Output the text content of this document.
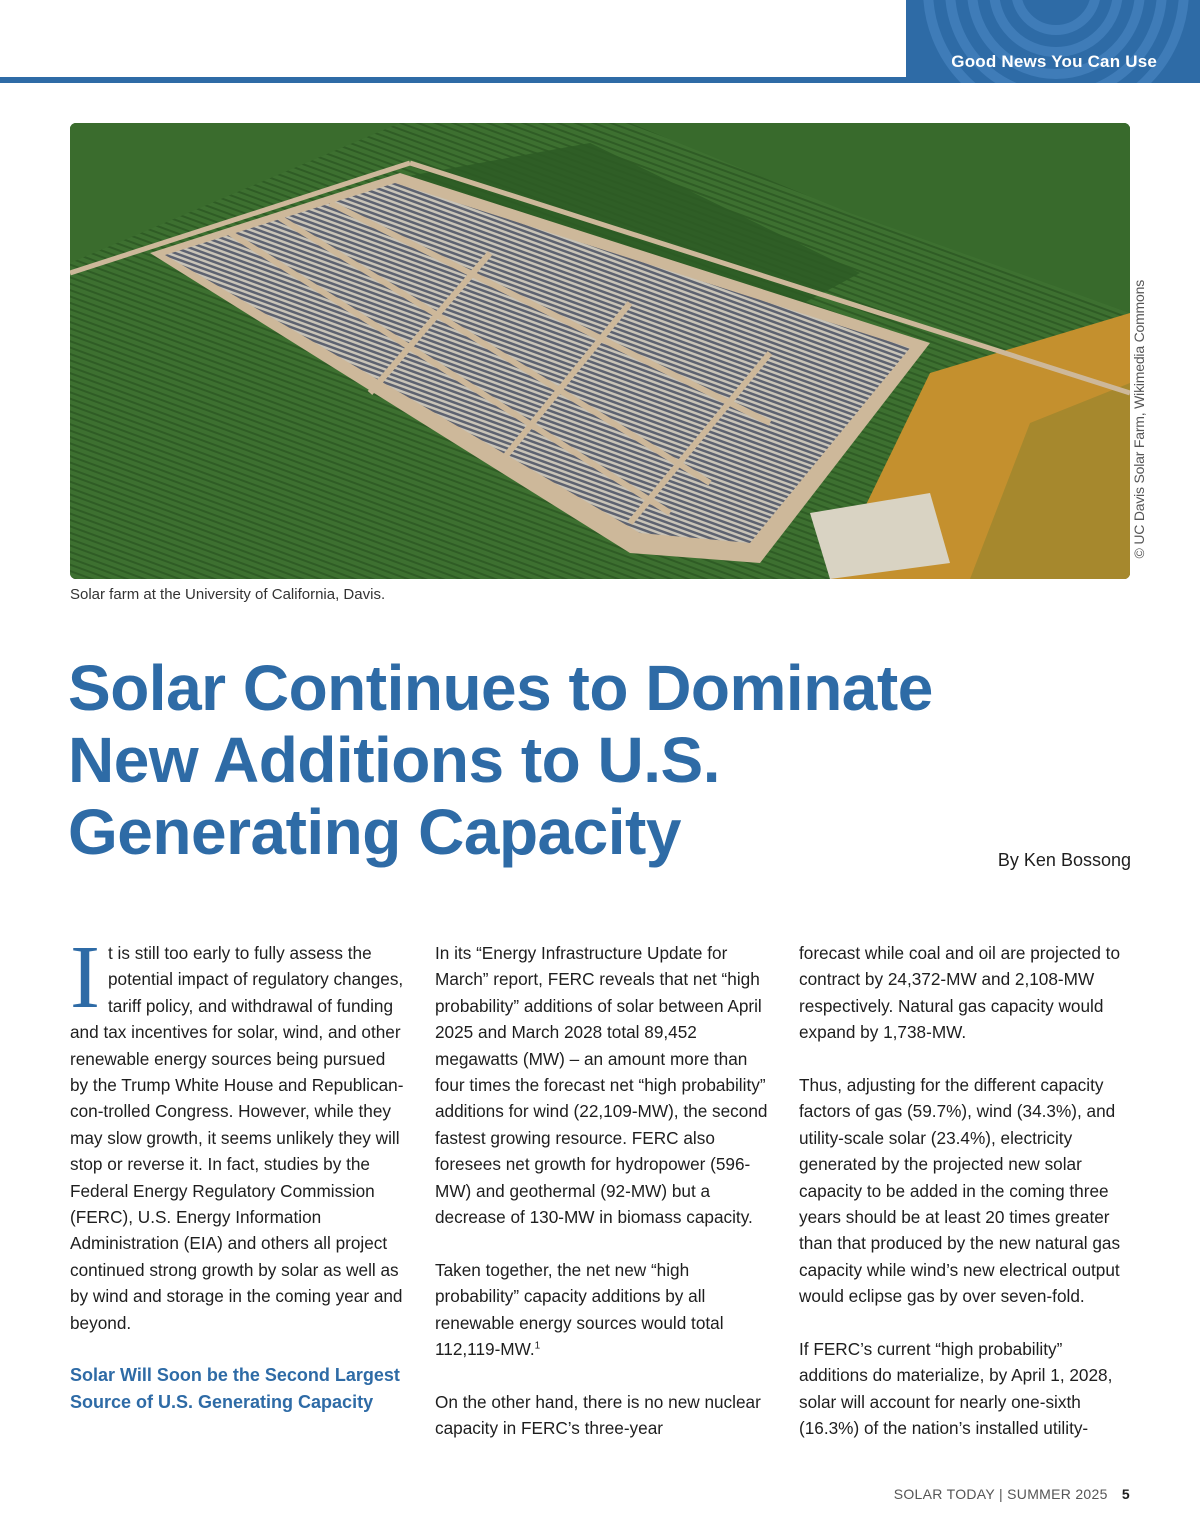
Good News You Can Use
© UC Davis Solar Farm, Wikimedia Commons
Solar farm at the University of California, Davis.
Solar Continues to Dominate
New Additions to U.S.
Generating Capacity	By Ken Bossong

It is still too early to fully assess the potential impact of regulatory changes, tariff policy, and withdrawal of funding and tax incentives for solar, wind, and other renewable energy sources being pursued by the Trump White House and Republican-con-trolled Congress. However, while they may slow growth, it seems unlikely they will stop or reverse it. In fact, studies by the Federal Energy Regulatory Commission (FERC), U.S. Energy Information Administration (EIA) and others all project continued strong growth by solar as well as by wind and storage in the coming year and beyond.

Solar Will Soon be the Second Largest Source of U.S. Generating Capacity

In its “Energy Infrastructure Update for March” report, FERC reveals that net “high probability” additions of solar between April 2025 and March 2028 total 89,452 megawatts (MW) – an amount more than four times the forecast net “high probability” additions for wind (22,109-MW), the second fastest growing resource. FERC also foresees net growth for hydropower (596-MW) and geothermal (92-MW) but a decrease of 130-MW in biomass capacity.

Taken together, the net new “high probability” capacity additions by all renewable energy sources would total 112,119-MW.$^1$

On the other hand, there is no new nuclear capacity in FERC’s three-year

forecast while coal and oil are projected to contract by 24,372-MW and 2,108-MW respectively. Natural gas capacity would expand by 1,738-MW.

Thus, adjusting for the different capacity factors of gas (59.7%), wind (34.3%), and utility-scale solar (23.4%), electricity generated by the projected new solar capacity to be added in the coming three years should be at least 20 times greater than that produced by the new natural gas capacity while wind’s new electrical output would eclipse gas by over seven-fold.

If FERC’s current “high probability” additions do materialize, by April 1, 2028, solar will account for nearly one-sixth (16.3%) of the nation’s installed utility-

SOLAR TODAY | SUMMER 2025 5
